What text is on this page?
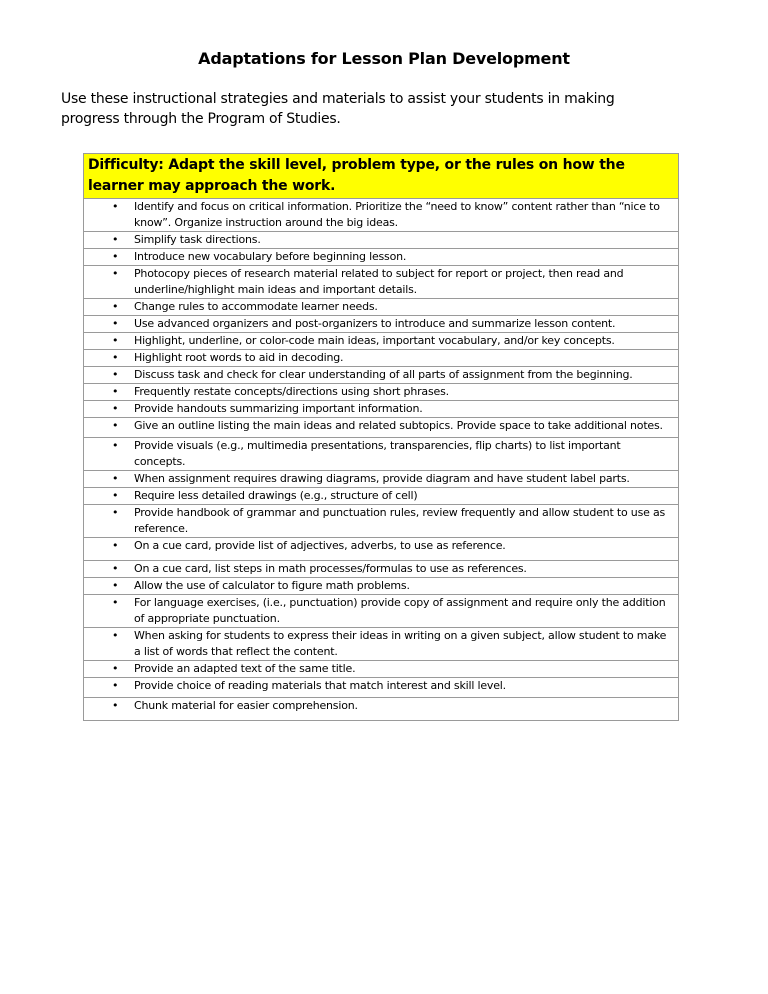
Adaptations for Lesson Plan Development
Use these instructional strategies and materials to assist your students in making progress through the Program of Studies.
Difficulty: Adapt the skill level, problem type, or the rules on how the learner may approach the work.

• Identify and focus on critical information. Prioritize the “need to know” content rather than “nice to know”. Organize instruction around the big ideas.

• Simplify task directions.

• Introduce new vocabulary before beginning lesson.

• Photocopy pieces of research material related to subject for report or project, then read and underline/highlight main ideas and important details.

• Change rules to accommodate learner needs.

• Use advanced organizers and post-organizers to introduce and summarize lesson content.

• Highlight, underline, or color-code main ideas, important vocabulary, and/or key concepts.

• Highlight root words to aid in decoding.

• Discuss task and check for clear understanding of all parts of assignment from the beginning.

• Frequently restate concepts/directions using short phrases.

• Provide handouts summarizing important information.

• Give an outline listing the main ideas and related subtopics. Provide space to take additional notes.

• Provide visuals (e.g., multimedia presentations, transparencies, flip charts) to list important concepts.

• When assignment requires drawing diagrams, provide diagram and have student label parts.

• Require less detailed drawings (e.g., structure of cell)

• Provide handbook of grammar and punctuation rules, review frequently and allow student to use as reference.

• On a cue card, provide list of adjectives, adverbs, to use as reference.

• On a cue card, list steps in math processes/formulas to use as references.

• Allow the use of calculator to figure math problems.

• For language exercises, (i.e., punctuation) provide copy of assignment and require only the addition of appropriate punctuation.

• When asking for students to express their ideas in writing on a given subject, allow student to make a list of words that reflect the content.

• Provide an adapted text of the same title.

• Provide choice of reading materials that match interest and skill level.

• Chunk material for easier comprehension.
